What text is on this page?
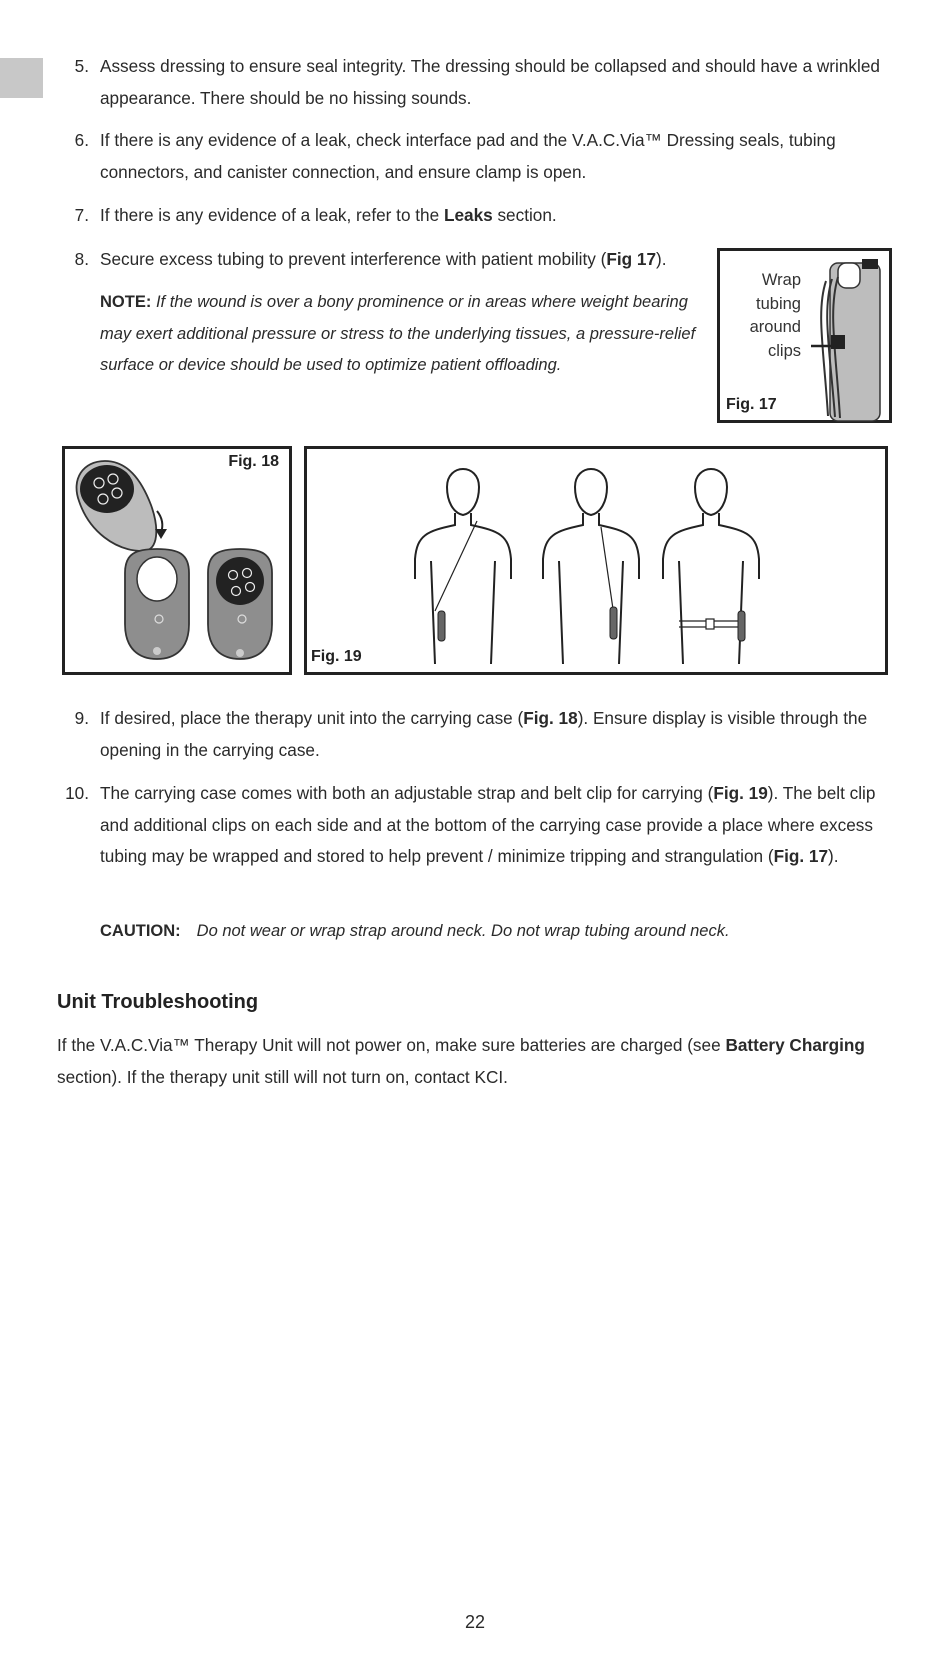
5. Assess dressing to ensure seal integrity. The dressing should be collapsed and should have a wrinkled appearance. There should be no hissing sounds.
6. If there is any evidence of a leak, check interface pad and the V.A.C.Via™ Dressing seals, tubing connectors, and canister connection, and ensure clamp is open.
7. If there is any evidence of a leak, refer to the Leaks section.
8. Secure excess tubing to prevent interference with patient mobility (Fig 17).
NOTE: If the wound is over a bony prominence or in areas where weight bearing may exert additional pressure or stress to the underlying tissues, a pressure-relief surface or device should be used to optimize patient offloading.
Wrap
tubing
around
clips
Fig. 17
Fig. 18
Fig. 19
9. If desired, place the therapy unit into the carrying case (Fig. 18). Ensure display is visible through the opening in the carrying case.
10. The carrying case comes with both an adjustable strap and belt clip for carrying (Fig. 19). The belt clip and additional clips on each side and at the bottom of the carrying case provide a place where excess tubing may be wrapped and stored to help prevent / minimize tripping and strangulation (Fig. 17).
CAUTION: Do not wear or wrap strap around neck. Do not wrap tubing around neck.
Unit Troubleshooting
If the V.A.C.Via™ Therapy Unit will not power on, make sure batteries are charged (see Battery Charging section). If the therapy unit still will not turn on, contact KCI.
22
